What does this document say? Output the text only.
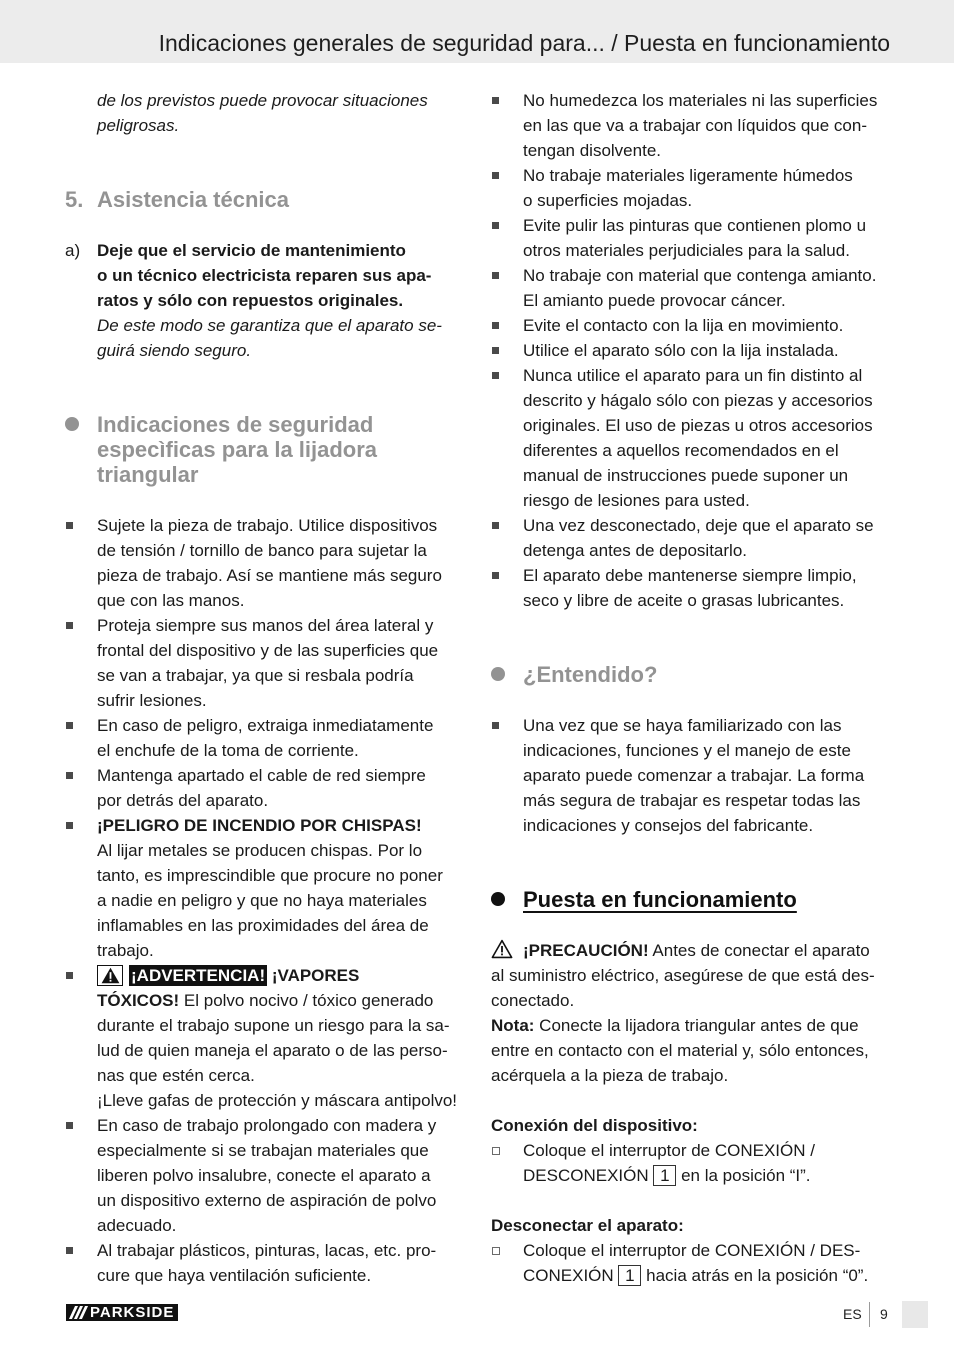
Indicaciones generales de seguridad para... / Puesta en funcionamiento
de los previstos puede provocar situaciones
peligrosas.
5. Asistencia técnica
a) Deje que el servicio de mantenimiento
o un técnico electricista reparen sus apa-
ratos y sólo con repuestos originales.
De este modo se garantiza que el aparato se-
guirá siendo seguro.
Indicaciones de seguridad
especìficas para la lijadora
triangular
Sujete la pieza de trabajo. Utilice dispositivos
de tensión / tornillo de banco para sujetar la
pieza de trabajo. Así se mantiene más seguro
que con las manos.
Proteja siempre sus manos del área lateral y
frontal del dispositivo y de las superficies que
se van a trabajar, ya que si resbala podría
sufrir lesiones.
En caso de peligro, extraiga inmediatamente
el enchufe de la toma de corriente.
Mantenga apartado el cable de red siempre
por detrás del aparato.
¡PELIGRO DE INCENDIO POR CHISPAS!
Al lijar metales se producen chispas. Por lo
tanto, es imprescindible que procure no poner
a nadie en peligro y que no haya materiales
inflamables en las proximidades del área de
trabajo.
¡ADVERTENCIA! ¡VAPORES
TÓXICOS! El polvo nocivo / tóxico generado
durante el trabajo supone un riesgo para la sa-
lud de quien maneja el aparato o de las perso-
nas que estén cerca.
¡Lleve gafas de protección y máscara antipolvo!
En caso de trabajo prolongado con madera y
especialmente si se trabajan materiales que
liberen polvo insalubre, conecte el aparato a
un dispositivo externo de aspiración de polvo
adecuado.
Al trabajar plásticos, pinturas, lacas, etc. pro-
cure que haya ventilación suficiente.
No humedezca los materiales ni las superficies
en las que va a trabajar con líquidos que con-
tengan disolvente.
No trabaje materiales ligeramente húmedos
o superficies mojadas.
Evite pulir las pinturas que contienen plomo u
otros materiales perjudiciales para la salud.
No trabaje con material que contenga amianto.
El amianto puede provocar cáncer.
Evite el contacto con la lija en movimiento.
Utilice el aparato sólo con la lija instalada.
Nunca utilice el aparato para un fin distinto al
descrito y hágalo sólo con piezas y accesorios
originales. El uso de piezas u otros accesorios
diferentes a aquellos recomendados en el
manual de instrucciones puede suponer un
riesgo de lesiones para usted.
Una vez desconectado, deje que el aparato se
detenga antes de depositarlo.
El aparato debe mantenerse siempre limpio,
seco y libre de aceite o grasas lubricantes.
¿Entendido?
Una vez que se haya familiarizado con las
indicaciones, funciones y el manejo de este
aparato puede comenzar a trabajar. La forma
más segura de trabajar es respetar todas las
indicaciones y consejos del fabricante.
Puesta en funcionamiento
¡PRECAUCIÓN! Antes de conectar el aparato
al suministro eléctrico, asegúrese de que está des-
conectado.
Nota: Conecte la lijadora triangular antes de que
entre en contacto con el material y, sólo entonces,
acérquela a la pieza de trabajo.
Conexión del dispositivo:
Coloque el interruptor de CONEXIÓN /
DESCONEXIÓN 1 en la posición “I”.
Desconectar el aparato:
Coloque el interruptor de CONEXIÓN / DES-
CONEXIÓN 1 hacia atrás en la posición “0”.
PARKSIDE	ES 9
